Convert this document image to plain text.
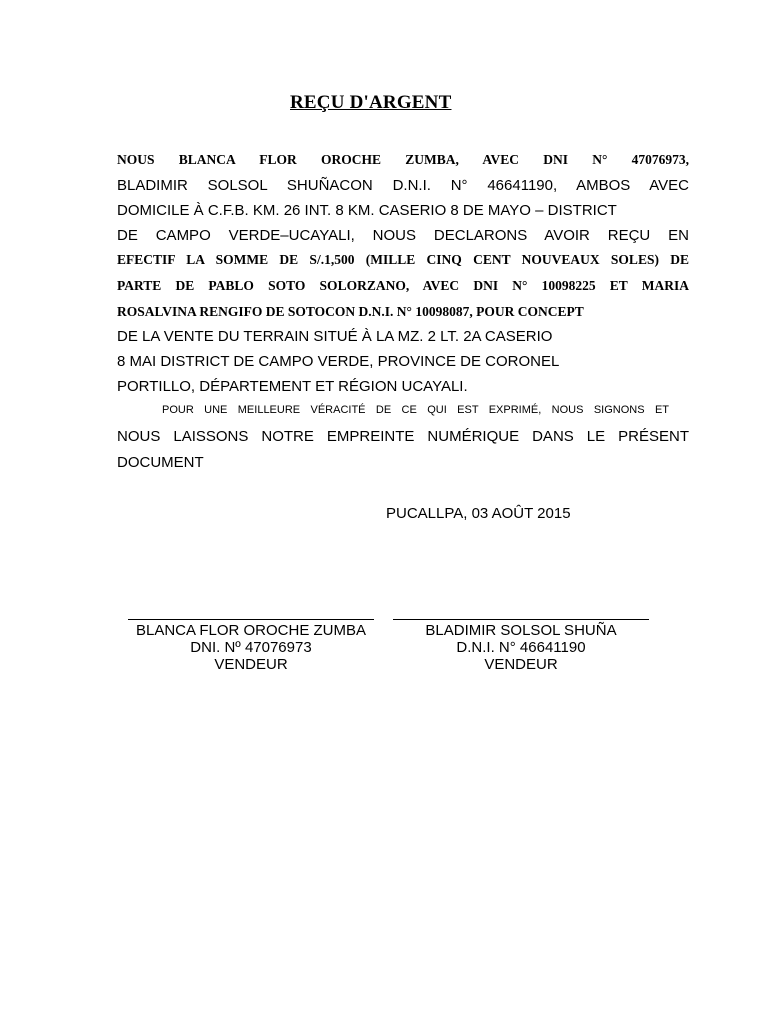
REÇU D'ARGENT

NOUS BLANCA FLOR OROCHE ZUMBA, AVEC DNI N° 47076973,

BLADIMIR SOLSOL SHUÑACON D.N.I. N° 46641190, AMBOS AVEC

DOMICILE À C.F.B. KM. 26 INT. 8 KM. CASERIO 8 DE MAYO – DISTRICT

DE CAMPO VERDE–UCAYALI, NOUS DECLARONS AVOIR REÇU EN

EFECTIF LA SOMME DE S/.1,500 (MILLE CINQ CENT NOUVEAUX SOLES) DE

PARTE DE PABLO SOTO SOLORZANO, AVEC DNI N° 10098225 ET MARIA

ROSALVINA RENGIFO DE SOTOCON D.N.I. N° 10098087, POUR CONCEPT

DE LA VENTE DU TERRAIN SITUÉ À LA MZ. 2 LT. 2A CASERIO

8 MAI DISTRICT DE CAMPO VERDE, PROVINCE DE CORONEL

PORTILLO, DÉPARTEMENT ET RÉGION UCAYALI.

POUR UNE MEILLEURE VÉRACITÉ DE CE QUI EST EXPRIMÉ, NOUS SIGNONS ET

NOUS LAISSONS NOTRE EMPREINTE NUMÉRIQUE DANS LE PRÉSENT

DOCUMENT

PUCALLPA, 03 AOÛT 2015

BLANCA FLOR OROCHE ZUMBA
DNI. Nº 47076973
VENDEUR
BLADIMIR SOLSOL SHUÑA
D.N.I. N° 46641190
VENDEUR
